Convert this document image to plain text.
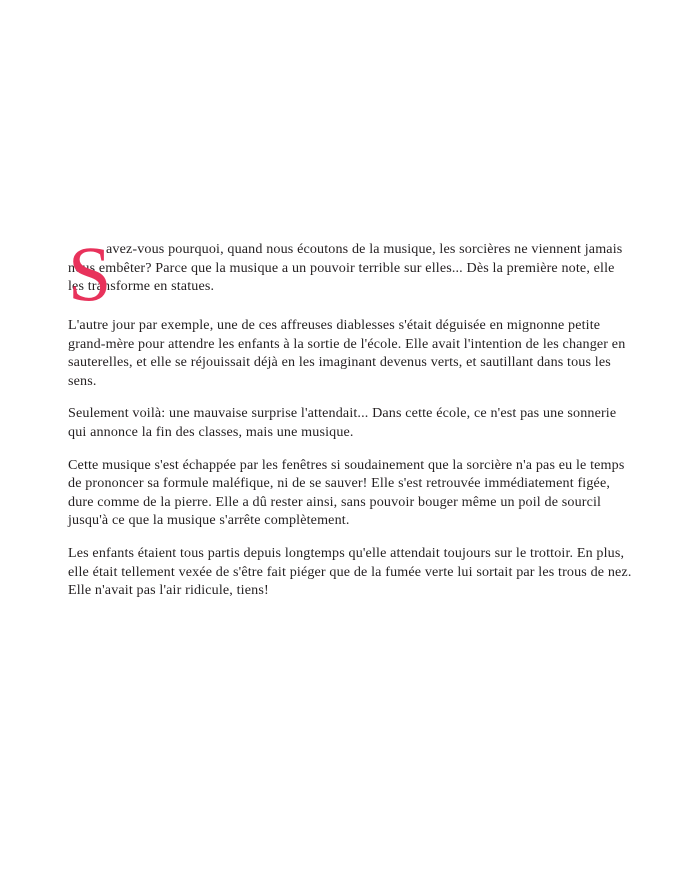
S
avez-vous pourquoi, quand nous écoutons de la musique, les sorcières ne viennent jamais nous embêter? Parce que la musique a un pouvoir terrible sur elles... Dès la première note, elle les transforme en statues.

L'autre jour par exemple, une de ces affreuses diablesses s'était déguisée en mignonne petite grand-mère pour attendre les enfants à la sortie de l'école. Elle avait l'intention de les changer en sauterelles, et elle se réjouissait déjà en les imaginant devenus verts, et sautillant dans tous les sens.

Seulement voilà: une mauvaise surprise l'attendait... Dans cette école, ce n'est pas une sonnerie qui annonce la fin des classes, mais une musique.

Cette musique s'est échappée par les fenêtres si soudainement que la sorcière n'a pas eu le temps de prononcer sa formule maléfique, ni de se sauver! Elle s'est retrouvée immédiatement figée, dure comme de la pierre. Elle a dû rester ainsi, sans pouvoir bouger même un poil de sourcil jusqu'à ce que la musique s'arrête complètement.

Les enfants étaient tous partis depuis longtemps qu'elle attendait toujours sur le trottoir. En plus, elle était tellement vexée de s'être fait piéger que de la fumée verte lui sortait par les trous de nez. Elle n'avait pas l'air ridicule, tiens!
